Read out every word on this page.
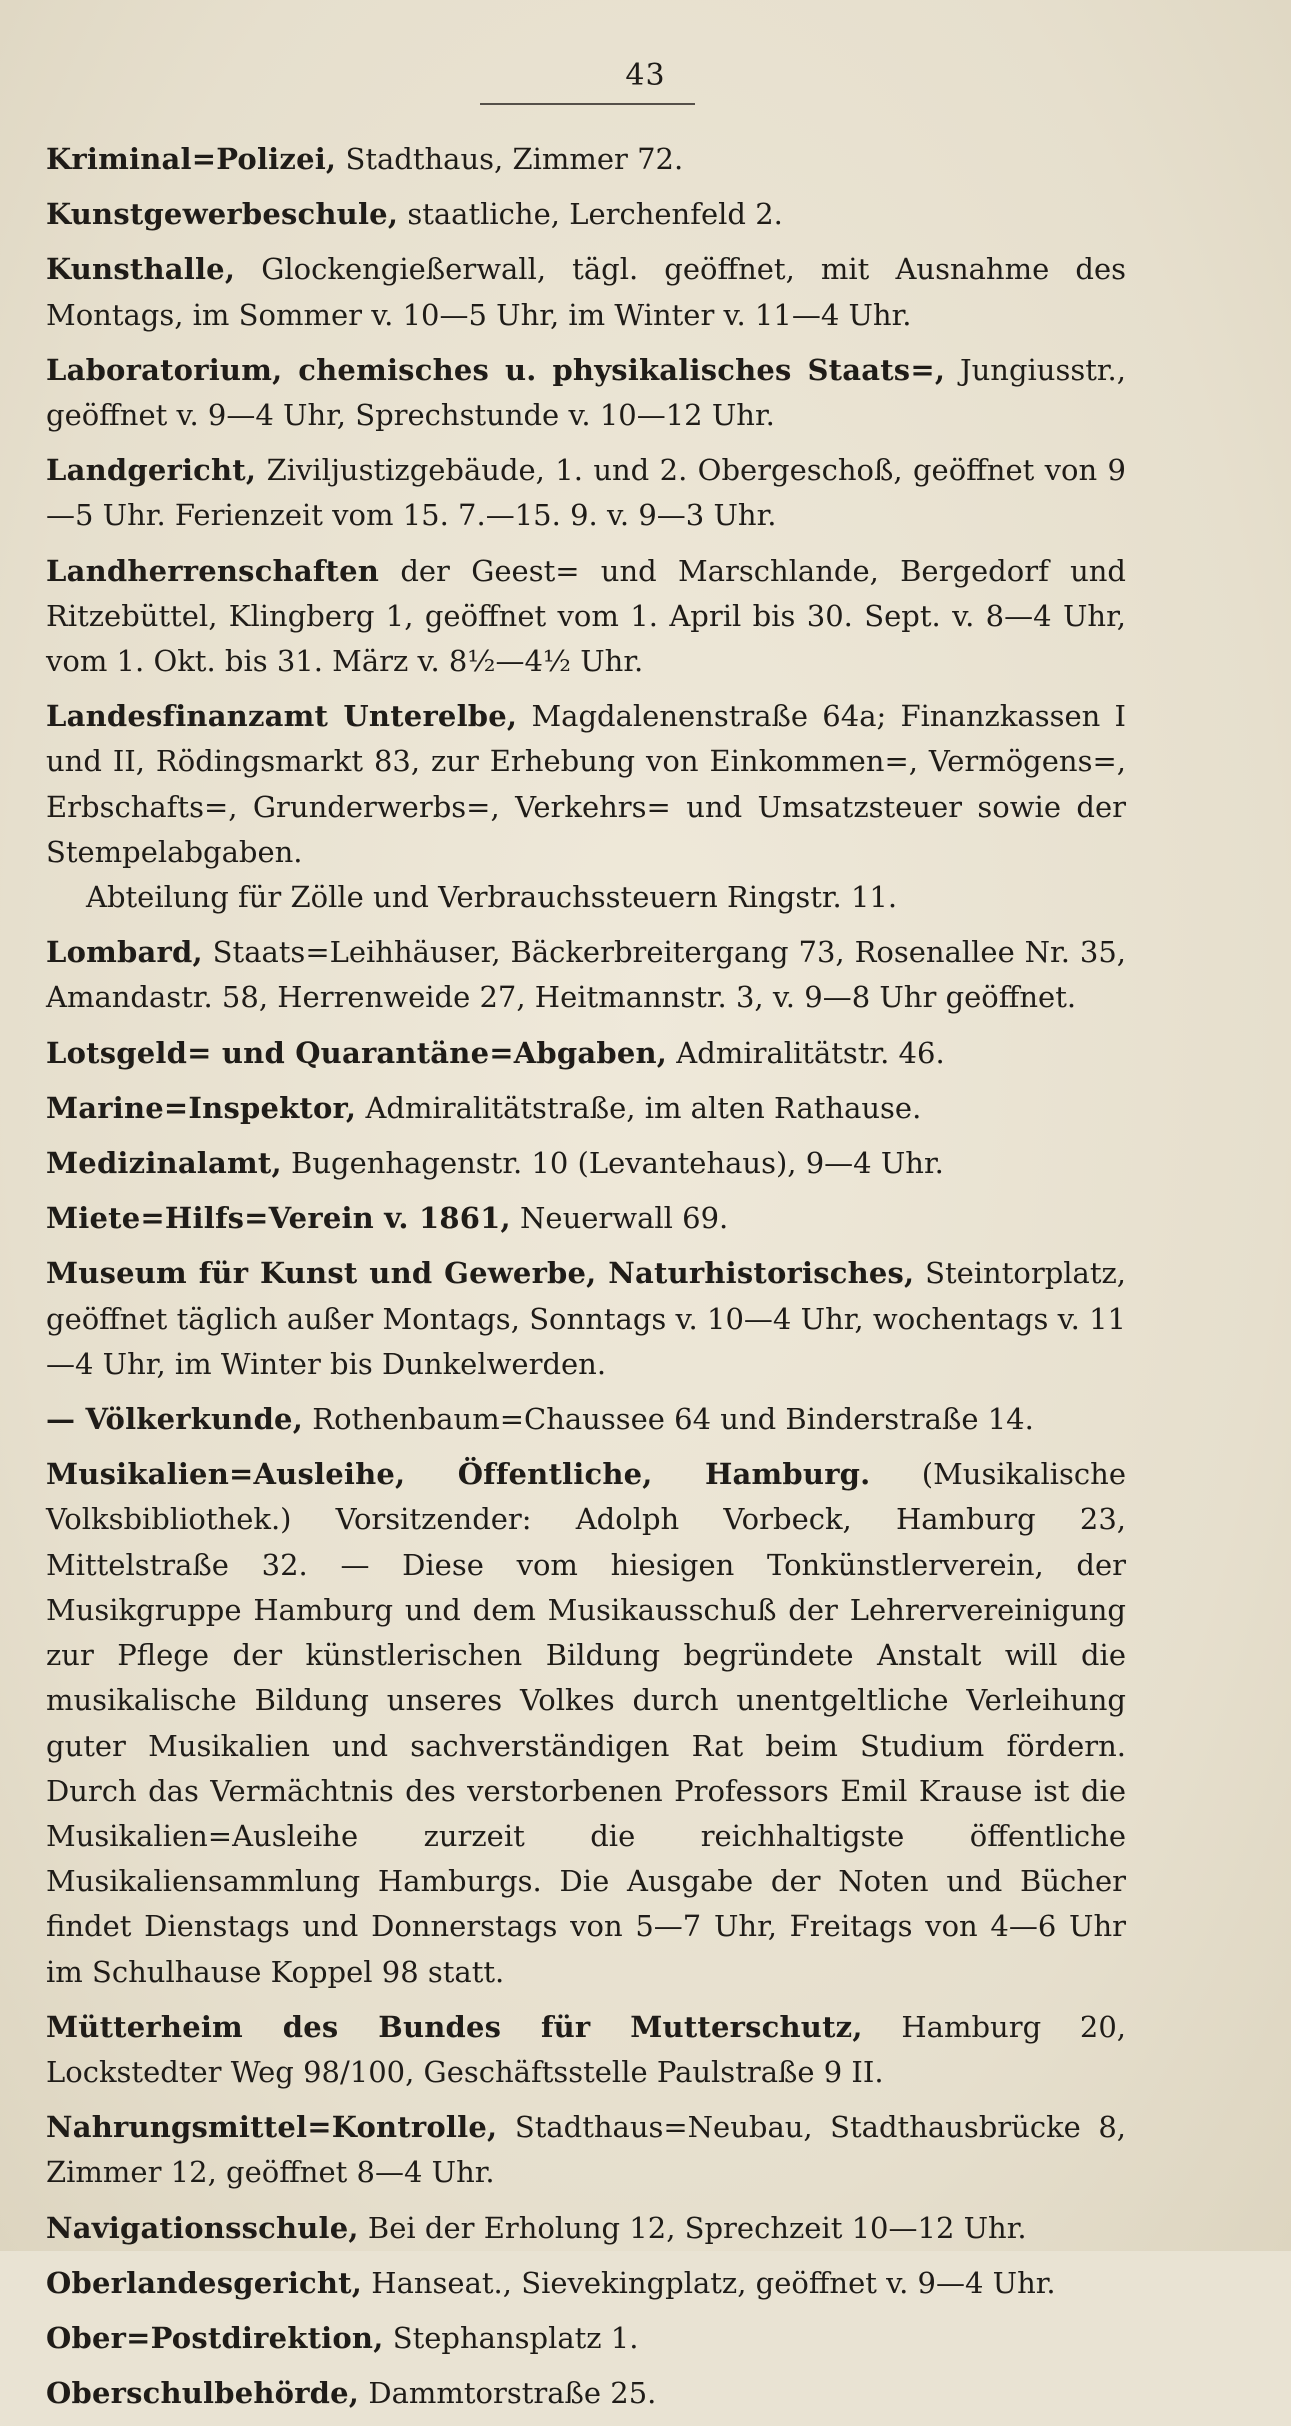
43

Kriminal=Polizei, Stadthaus, Zimmer 72.

Kunstgewerbeschule, staatliche, Lerchenfeld 2.

Kunsthalle, Glockengießerwall, tägl. geöffnet, mit Ausnahme des Montags, im Sommer v. 10—5 Uhr, im Winter v. 11—4 Uhr.

Laboratorium, chemisches u. physikalisches Staats=, Jungiusstr., geöffnet v. 9—4 Uhr, Sprechstunde v. 10—12 Uhr.

Landgericht, Ziviljustizgebäude, 1. und 2. Obergeschoß, geöffnet von 9—5 Uhr. Ferienzeit vom 15. 7.—15. 9. v. 9—3 Uhr.

Landherrenschaften der Geest= und Marschlande, Bergedorf und Ritzebüttel, Klingberg 1, geöffnet vom 1. April bis 30. Sept. v. 8—4 Uhr, vom 1. Okt. bis 31. März v. 8½—4½ Uhr.

Landesfinanzamt Unterelbe, Magdalenenstraße 64a; Finanzkassen I und II, Rödingsmarkt 83, zur Erhebung von Einkommen=, Vermögens=, Erbschafts=, Grunderwerbs=, Verkehrs= und Umsatzsteuer sowie der Stempelabgaben.

Abteilung für Zölle und Verbrauchssteuern Ringstr. 11.

Lombard, Staats=Leihhäuser, Bäckerbreitergang 73, Rosenallee Nr. 35, Amandastr. 58, Herrenweide 27, Heitmannstr. 3, v. 9—8 Uhr geöffnet.

Lotsgeld= und Quarantäne=Abgaben, Admiralitätstr. 46.

Marine=Inspektor, Admiralitätstraße, im alten Rathause.

Medizinalamt, Bugenhagenstr. 10 (Levantehaus), 9—4 Uhr.

Miete=Hilfs=Verein v. 1861, Neuerwall 69.

Museum für Kunst und Gewerbe, Naturhistorisches, Steintorplatz, geöffnet täglich außer Montags, Sonntags v. 10—4 Uhr, wochentags v. 11—4 Uhr, im Winter bis Dunkelwerden.

— Völkerkunde, Rothenbaum=Chaussee 64 und Binderstraße 14.

Musikalien=Ausleihe, Öffentliche, Hamburg. (Musikalische Volksbibliothek.) Vorsitzender: Adolph Vorbeck, Hamburg 23, Mittelstraße 32. — Diese vom hiesigen Tonkünstlerverein, der Musikgruppe Hamburg und dem Musikausschuß der Lehrervereinigung zur Pflege der künstlerischen Bildung begründete Anstalt will die musikalische Bildung unseres Volkes durch unentgeltliche Verleihung guter Musikalien und sachverständigen Rat beim Studium fördern. Durch das Vermächtnis des verstorbenen Professors Emil Krause ist die Musikalien=Ausleihe zurzeit die reichhaltigste öffentliche Musikaliensammlung Hamburgs. Die Ausgabe der Noten und Bücher findet Dienstags und Donnerstags von 5—7 Uhr, Freitags von 4—6 Uhr im Schulhause Koppel 98 statt.

Mütterheim des Bundes für Mutterschutz, Hamburg 20, Lockstedter Weg 98/100, Geschäftsstelle Paulstraße 9 II.

Nahrungsmittel=Kontrolle, Stadthaus=Neubau, Stadthausbrücke 8, Zimmer 12, geöffnet 8—4 Uhr.

Navigationsschule, Bei der Erholung 12, Sprechzeit 10—12 Uhr.

Oberlandesgericht, Hanseat., Sievekingplatz, geöffnet v. 9—4 Uhr.

Ober=Postdirektion, Stephansplatz 1.

Oberschulbehörde, Dammtorstraße 25.
